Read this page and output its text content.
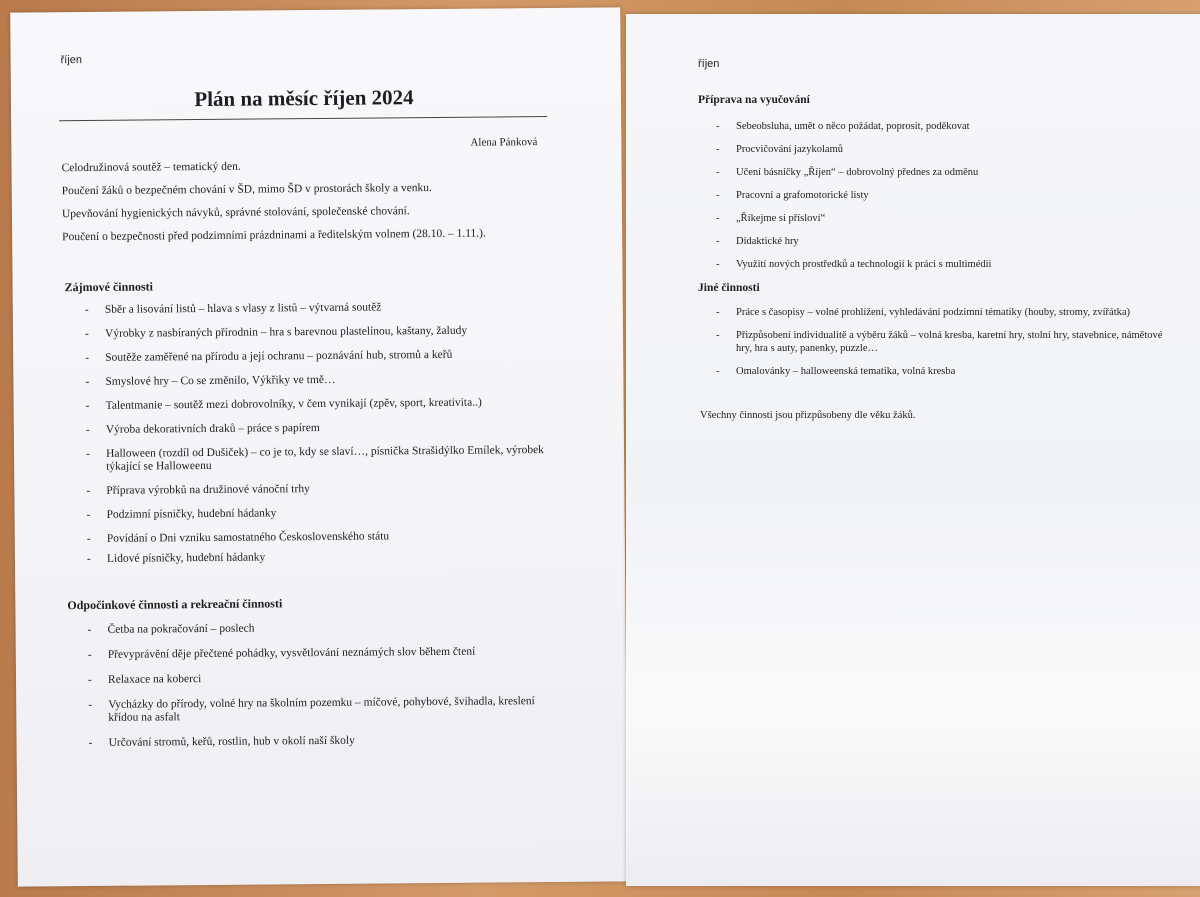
říjen
Plán na měsíc říjen 2024
Alena Pánková

Celodružinová soutěž – tematický den.

Poučení žáků o bezpečném chování v ŠD, mimo ŠD v prostorách školy a venku.

Upevňování hygienických návyků, správné stolování, společenské chování.

Poučení o bezpečnosti před podzimními prázdninami a ředitelským volnem (28.10. – 1.11.).

Zájmové činnosti
- Sběr a lisování listů – hlava s vlasy z listů – výtvarná soutěž
- Výrobky z nasbíraných přírodnin – hra s barevnou plastelínou, kaštany, žaludy
- Soutěže zaměřené na přírodu a její ochranu – poznávání hub, stromů a keřů
- Smyslové hry – Co se změnilo, Výkřiky ve tmě…
- Talentmanie – soutěž mezi dobrovolníky, v čem vynikají (zpěv, sport, kreativita..)
- Výroba dekorativních draků – práce s papírem
- Halloween (rozdíl od Dušiček) – co je to, kdy se slaví…, písnička Strašidýlko Emílek, výrobek týkající se Halloweenu
- Příprava výrobků na družinové vánoční trhy
- Podzimní písničky, hudební hádanky
- Povídání o Dni vzniku samostatného Československého státu
- Lidové písničky, hudební hádanky
Odpočinkové činnosti a rekreační činnosti
- Četba na pokračování – poslech
- Převyprávění děje přečtené pohádky, vysvětlování neznámých slov během čtení
- Relaxace na koberci
- Vycházky do přírody, volné hry na školním pozemku – míčové, pohybové, švihadla, kreslení křídou na asfalt
- Určování stromů, keřů, rostlin, hub v okolí naší školy
říjen
Příprava na vyučování
- Sebeobsluha, umět o něco požádat, poprosit, poděkovat
- Procvičování jazykolamů
- Učení básničky „Říjen“ – dobrovolný přednes za odměnu
- Pracovní a grafomotorické listy
- „Říkejme si přísloví“
- Didaktické hry
- Využití nových prostředků a technologií k práci s multimédii
Jiné činnosti
- Práce s časopisy – volné prohlížení, vyhledávání podzimní tématiky (houby, stromy, zvířátka)
- Přizpůsobení individualitě a výběru žáků – volná kresba, karetní hry, stolní hry, stavebnice, námětové hry, hra s auty, panenky, puzzle…
- Omalovánky – halloweenská tematika, volná kresba
Všechny činnosti jsou přizpůsobeny dle věku žáků.
